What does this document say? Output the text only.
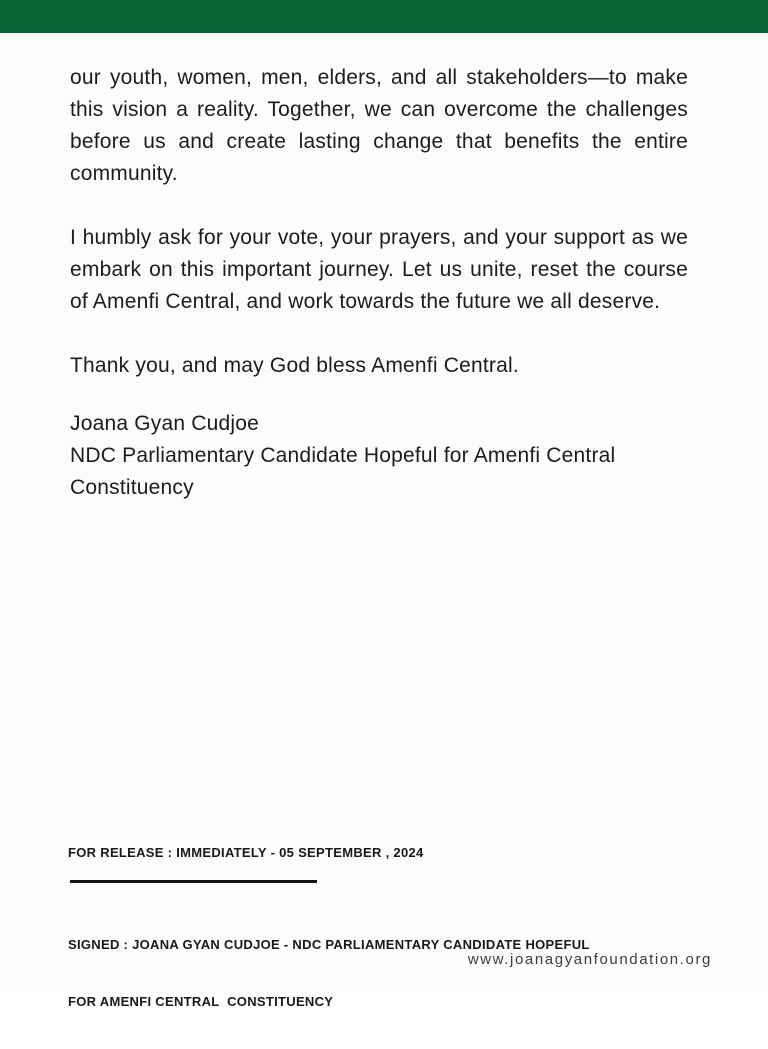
our youth, women, men, elders, and all stakeholders—to make this vision a reality. Together, we can overcome the challenges before us and create lasting change that benefits the entire community.

I humbly ask for your vote, your prayers, and your support as we embark on this important journey. Let us unite, reset the course of Amenfi Central, and work towards the future we all deserve.

Thank you, and may God bless Amenfi Central.

Joana Gyan Cudjoe
NDC Parliamentary Candidate Hopeful for Amenfi Central
Constituency
FOR RELEASE : IMMEDIATELY - 05 SEPTEMBER , 2024

SIGNED : JOANA GYAN CUDJOE - NDC PARLIAMENTARY CANDIDATE HOPEFUL

FOR AMENFI CENTRAL  CONSTITUENCY

www.joanagyanfoundation.org
